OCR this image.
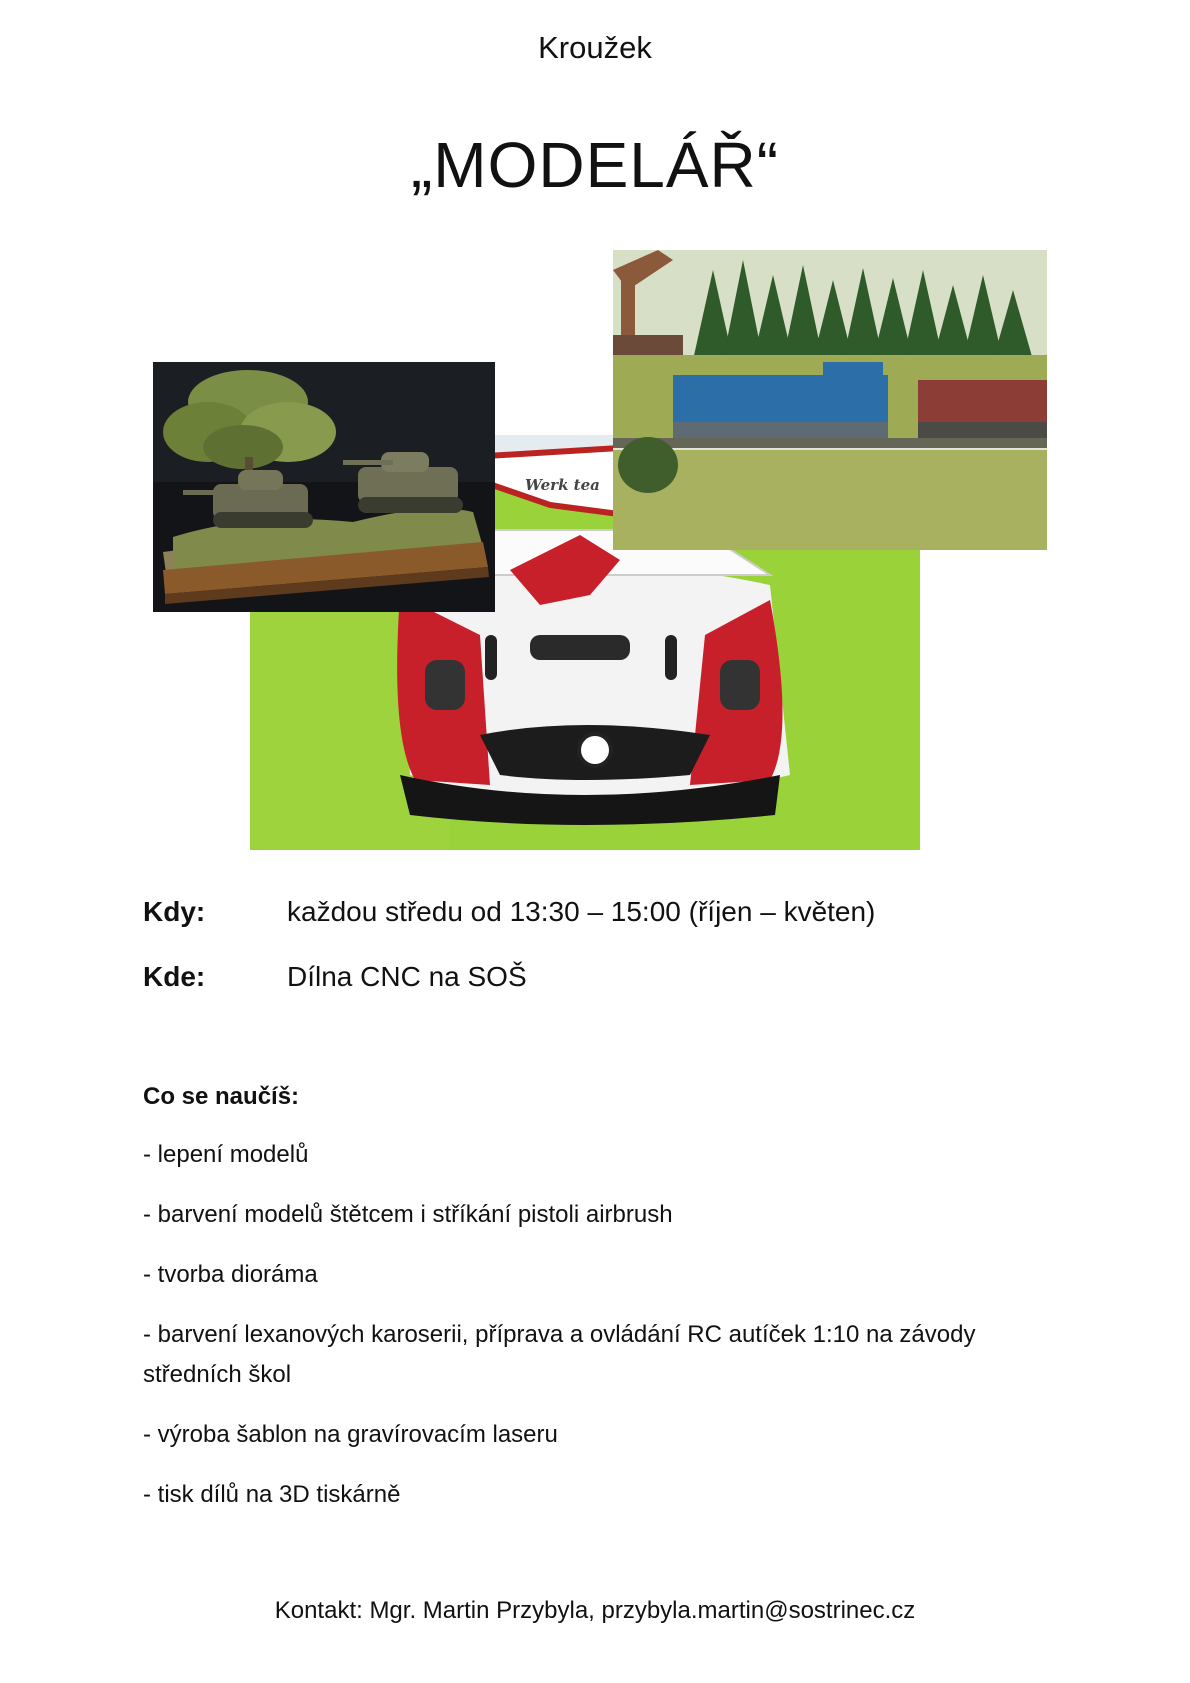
Kroužek
„MODELÁŘ“
Werk tea
Kdy:	každou středu od 13:30 – 15:00 (říjen – květen)
Kde:	Dílna CNC na SOŠ
Co se naučíš:
- lepení modelů
- barvení modelů štětcem i stříkání pistoli airbrush
- tvorba diorámа
- barvení lexanových karoserii, příprava a ovládání RC autíček 1:10 na závody středních škol
- výroba šablon na gravírovacím laseru
- tisk dílů na 3D tiskárně
Kontakt: Mgr. Martin Przybyla, przybyla.martin@sostrinec.cz
